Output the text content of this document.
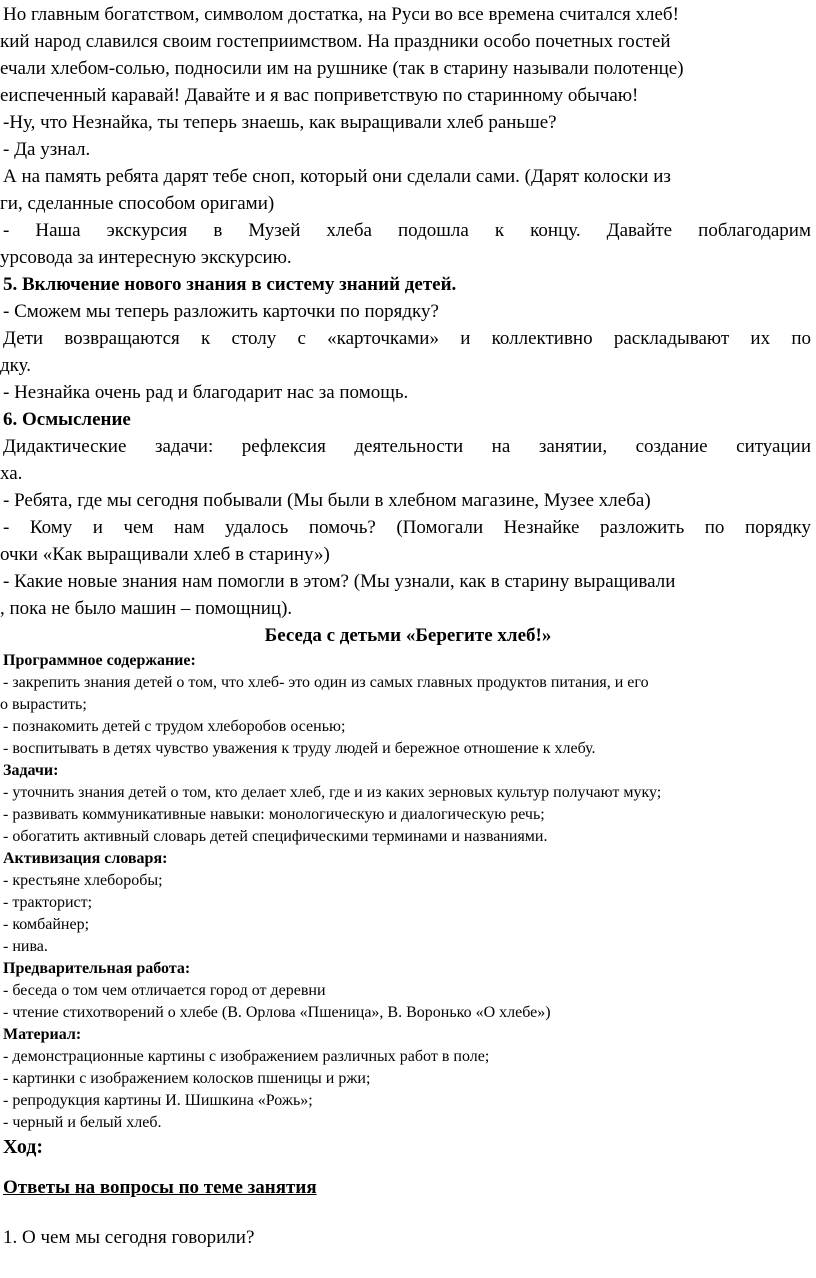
Но главным богатством, символом достатка, на Руси во все времена считался хлеб!

кий народ славился своим гостеприимством. На праздники особо почетных гостей

ечали хлебом-солью, подносили им на рушнике (так в старину называли полотенце)

еиспеченный каравай! Давайте и я вас поприветствую по старинному обычаю!

-Ну, что Незнайка, ты теперь знаешь, как выращивали хлеб раньше?

- Да узнал.

А на память ребята дарят тебе сноп, который они сделали сами. (Дарят колоски из

ги, сделанные способом оригами)

- Наша экскурсия в Музей хлеба подошла к концу. Давайте поблагодарим

урсовода за интересную экскурсию.

5. Включение нового знания в систему знаний детей.

- Сможем мы теперь разложить карточки по порядку?

Дети возвращаются к столу с «карточками» и коллективно раскладывают их по

дку.

- Незнайка очень рад и благодарит нас за помощь.

6. Осмысление

Дидактические задачи: рефлексия деятельности на занятии, создание ситуации

ха.

- Ребята, где мы сегодня побывали (Мы были в хлебном магазине, Музее хлеба)

- Кому и чем нам удалось помочь? (Помогали Незнайке разложить по порядку

очки «Как выращивали хлеб в старину»)

- Какие новые знания нам помогли в этом? (Мы узнали, как в старину выращивали

, пока не было машин – помощниц).

Беседа с детьми «Берегите хлеб!»

Программное содержание:

- закрепить знания детей о том, что хлеб- это один из самых главных продуктов питания, и его

о вырастить;

- познакомить детей с трудом хлеборобов осенью;

- воспитывать в детях чувство уважения к труду людей и бережное отношение к хлебу.

Задачи:

- уточнить знания детей о том, кто делает хлеб, где и из каких зерновых культур получают муку;

- развивать коммуникативные навыки: монологическую и диалогическую речь;

- обогатить активный словарь детей специфическими терминами и названиями.

Активизация словаря:

- крестьяне хлеборобы;

- тракторист;

- комбайнер;

- нива.

Предварительная работа:

- беседа о том чем отличается город от деревни

- чтение стихотворений о хлебе (В. Орлова «Пшеница», В. Воронько «О хлебе»)

Материал:

- демонстрационные картины с изображением различных работ в поле;

- картинки с изображением колосков пшеницы и ржи;

- репродукция картины И. Шишкина «Рожь»;

- черный и белый хлеб.

Ход:

Ответы на вопросы по теме занятия

1. О чем мы сегодня говорили?
